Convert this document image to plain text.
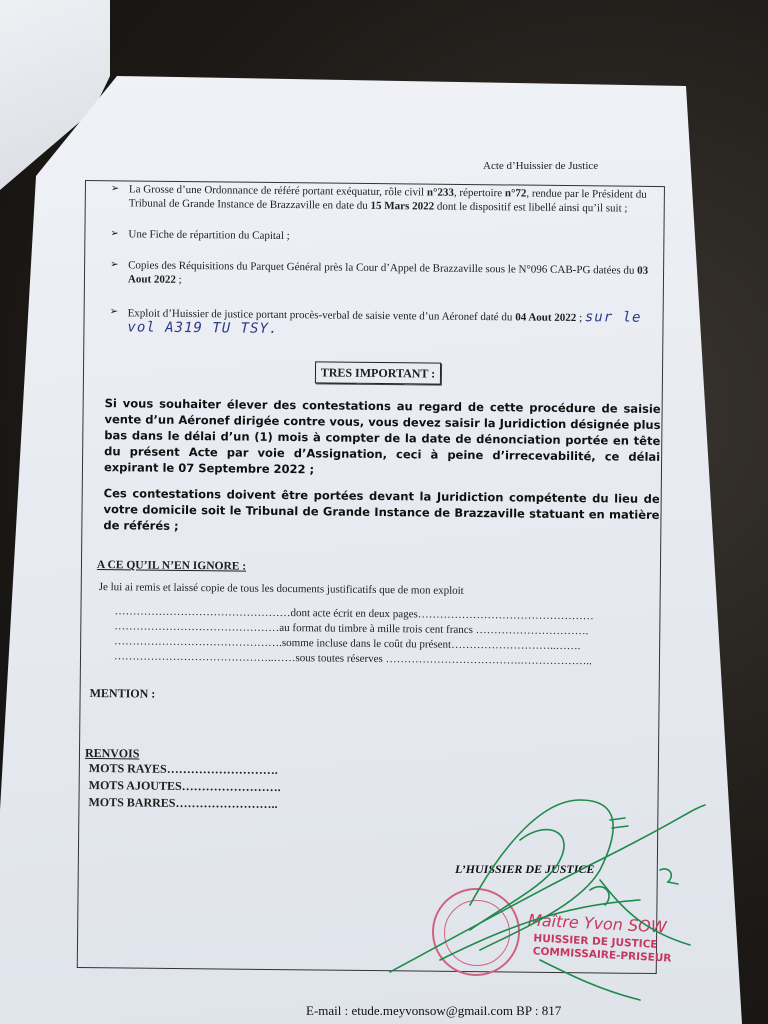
Acte d’Huissier de Justice
➢ La Grosse d’une Ordonnance de référé portant exéquatur, rôle civil n°233, répertoire n°72, rendue par le Président du Tribunal de Grande Instance de Brazzaville en date du 15 Mars 2022 dont le dispositif est libellé ainsi qu’il suit ;
➢ Une Fiche de répartition du Capital ;
➢ Copies des Réquisitions du Parquet Général près la Cour d’Appel de Brazzaville sous le N°096 CAB-PG datées du 03 Aout 2022 ;
➢ Exploit d’Huissier de justice portant procès-verbal de saisie vente d’un Aéronef daté du 04 Aout 2022 ; sur le vol A319 TU TSY.
TRES IMPORTANT :
Si vous souhaiter élever des contestations au regard de cette procédure de saisie vente d’un Aéronef dirigée contre vous, vous devez saisir la Juridiction désignée plus bas dans le délai d’un (1) mois à compter de la date de dénonciation portée en tête du présent Acte par voie d’Assignation, ceci à peine d’irrecevabilité, ce délai expirant le 07 Septembre 2022 ;
Ces contestations doivent être portées devant la Juridiction compétente du lieu de votre domicile soit le Tribunal de Grande Instance de Brazzaville statuant en matière de référés ;
A CE QU’IL N’EN IGNORE :
Je lui ai remis et laissé copie de tous les documents justificatifs que de mon exploit
…………………………………………dont acte écrit en deux pages…………………………………………
………………………………………au format du timbre à mille trois cent francs ………………………….
……………………………………….somme incluse dans le coût du présent………………………..…….
……………………………………..……sous toutes réserves ……………………………….………………..
MENTION :
RENVOIS
MOTS RAYES……………………….
MOTS AJOUTES…………………….
MOTS BARRES……………………..
L’HUISSIER DE JUSTICE
Maître Yvon SOW
HUISSIER DE JUSTICE
COMMISSAIRE-PRISEUR
E-mail : etude.meyvonsow@gmail.com BP : 817
